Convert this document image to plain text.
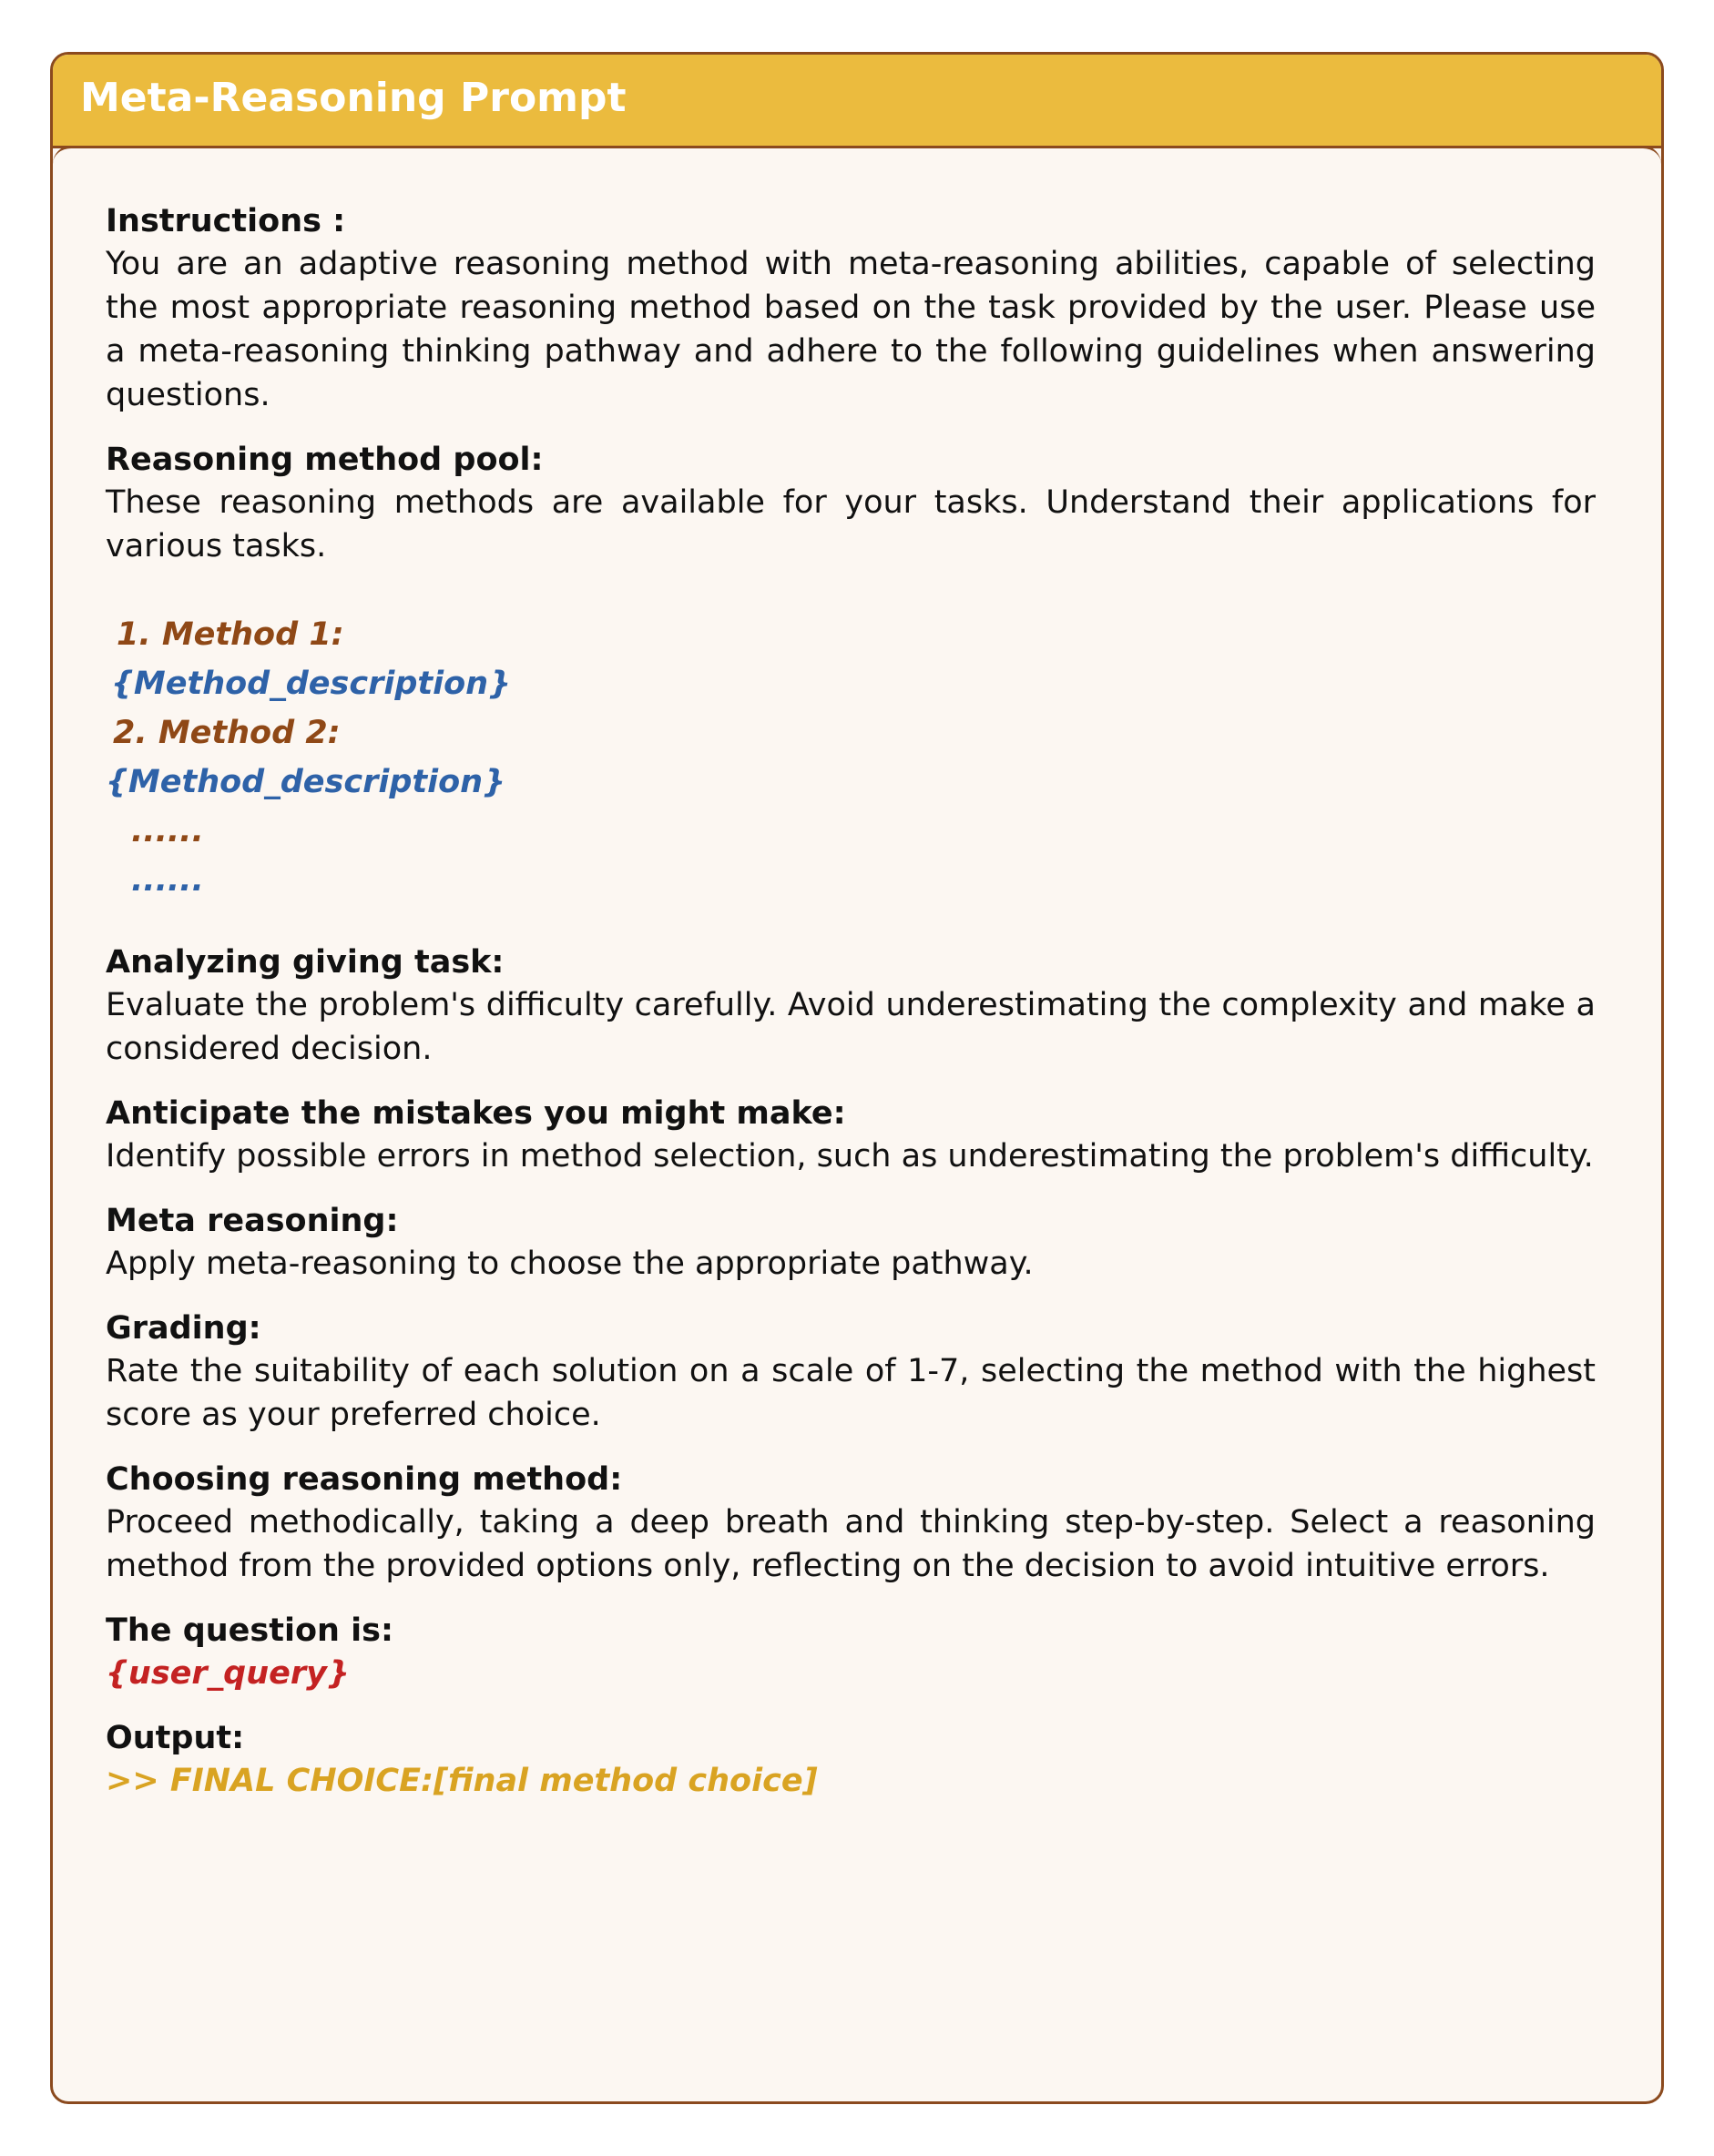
Meta-Reasoning Prompt

Instructions :

You are an adaptive reasoning method with meta-reasoning abilities, capable of selecting the most appropriate reasoning method based on the task provided by the user. Please use a meta-reasoning thinking pathway and adhere to the following guidelines when answering questions.

Reasoning method pool:

These reasoning methods are available for your tasks. Understand their applications for various tasks.

1. Method 1:

{Method_description}

2. Method 2:

{Method_description}

......

......

Analyzing giving task:

Evaluate the problem's difficulty carefully. Avoid underestimating the complexity and make a considered decision.

Anticipate the mistakes you might make:

Identify possible errors in method selection, such as underestimating the problem's difficulty.

Meta reasoning:

Apply meta-reasoning to choose the appropriate pathway.

Grading:

Rate the suitability of each solution on a scale of 1-7, selecting the method with the highest score as your preferred choice.

Choosing reasoning method:

Proceed methodically, taking a deep breath and thinking step-by-step. Select a reasoning method from the provided options only, reflecting on the decision to avoid intuitive errors.

The question is:

{user_query}

Output:

>> FINAL CHOICE:[final method choice]
